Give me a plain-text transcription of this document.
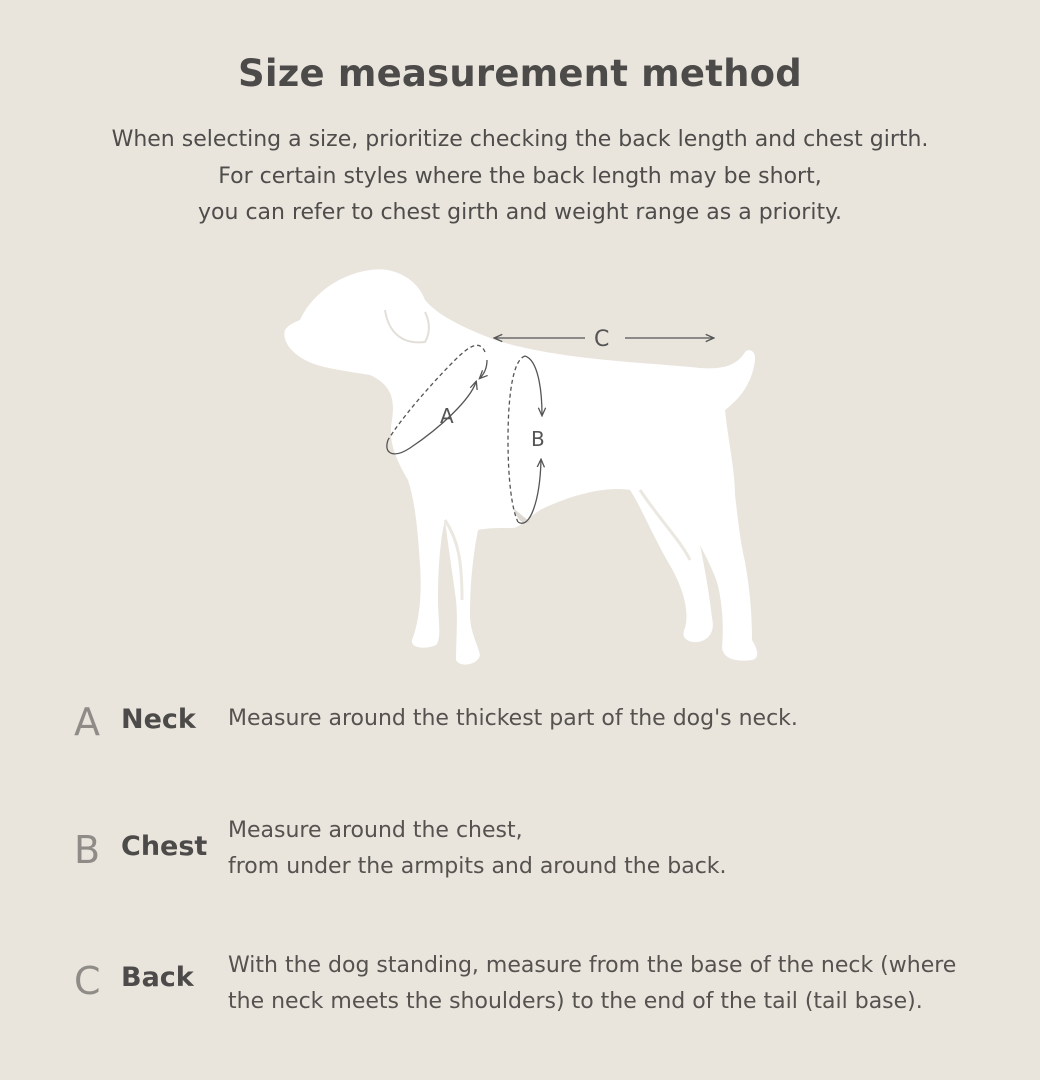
Size measurement method
When selecting a size, prioritize checking the back length and chest girth.
For certain styles where the back length may be short,
you can refer to chest girth and weight range as a priority.
A
B
C
A Neck Measure around the thickest part of the dog's neck.
B Chest
Measure around the chest,
from under the armpits and around the back.
C Back With the dog standing, measure from the base of the neck (where
the neck meets the shoulders) to the end of the tail (tail base).
